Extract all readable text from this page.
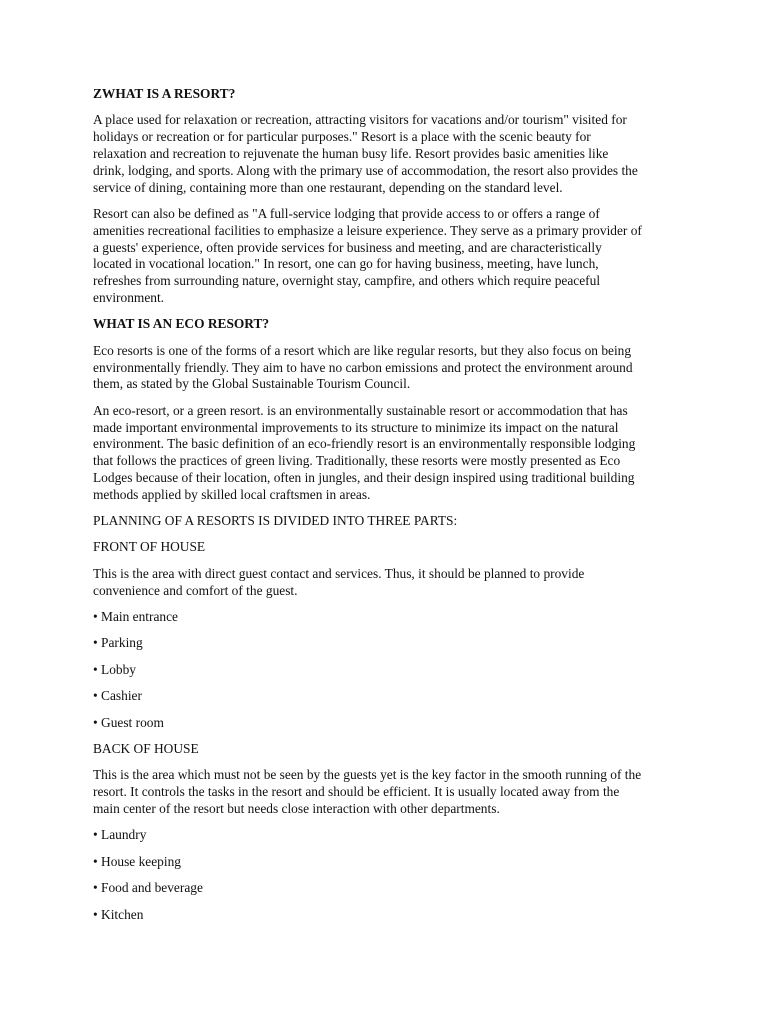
ZWHAT IS A RESORT?
A place used for relaxation or recreation, attracting visitors for vacations and/or tourism" visited for
holidays or recreation or for particular purposes." Resort is a place with the scenic beauty for
relaxation and recreation to rejuvenate the human busy life. Resort provides basic amenities like
drink, lodging, and sports. Along with the primary use of accommodation, the resort also provides the
service of dining, containing more than one restaurant, depending on the standard level.
Resort can also be defined as "A full-service lodging that provide access to or offers a range of
amenities recreational facilities to emphasize a leisure experience. They serve as a primary provider of
a guests' experience, often provide services for business and meeting, and are characteristically
located in vocational location." In resort, one can go for having business, meeting, have lunch,
refreshes from surrounding nature, overnight stay, campfire, and others which require peaceful
environment.
WHAT IS AN ECO RESORT?
Eco resorts is one of the forms of a resort which are like regular resorts, but they also focus on being
environmentally friendly. They aim to have no carbon emissions and protect the environment around
them, as stated by the Global Sustainable Tourism Council.
An eco-resort, or a green resort. is an environmentally sustainable resort or accommodation that has
made important environmental improvements to its structure to minimize its impact on the natural
environment. The basic definition of an eco-friendly resort is an environmentally responsible lodging
that follows the practices of green living. Traditionally, these resorts were mostly presented as Eco
Lodges because of their location, often in jungles, and their design inspired using traditional building
methods applied by skilled local craftsmen in areas.
PLANNING OF A RESORTS IS DIVIDED INTO THREE PARTS:
FRONT OF HOUSE
This is the area with direct guest contact and services. Thus, it should be planned to provide
convenience and comfort of the guest.
• Main entrance
• Parking
• Lobby
• Cashier
• Guest room
BACK OF HOUSE
This is the area which must not be seen by the guests yet is the key factor in the smooth running of the
resort. It controls the tasks in the resort and should be efficient. It is usually located away from the
main center of the resort but needs close interaction with other departments.
• Laundry
• House keeping
• Food and beverage
• Kitchen
